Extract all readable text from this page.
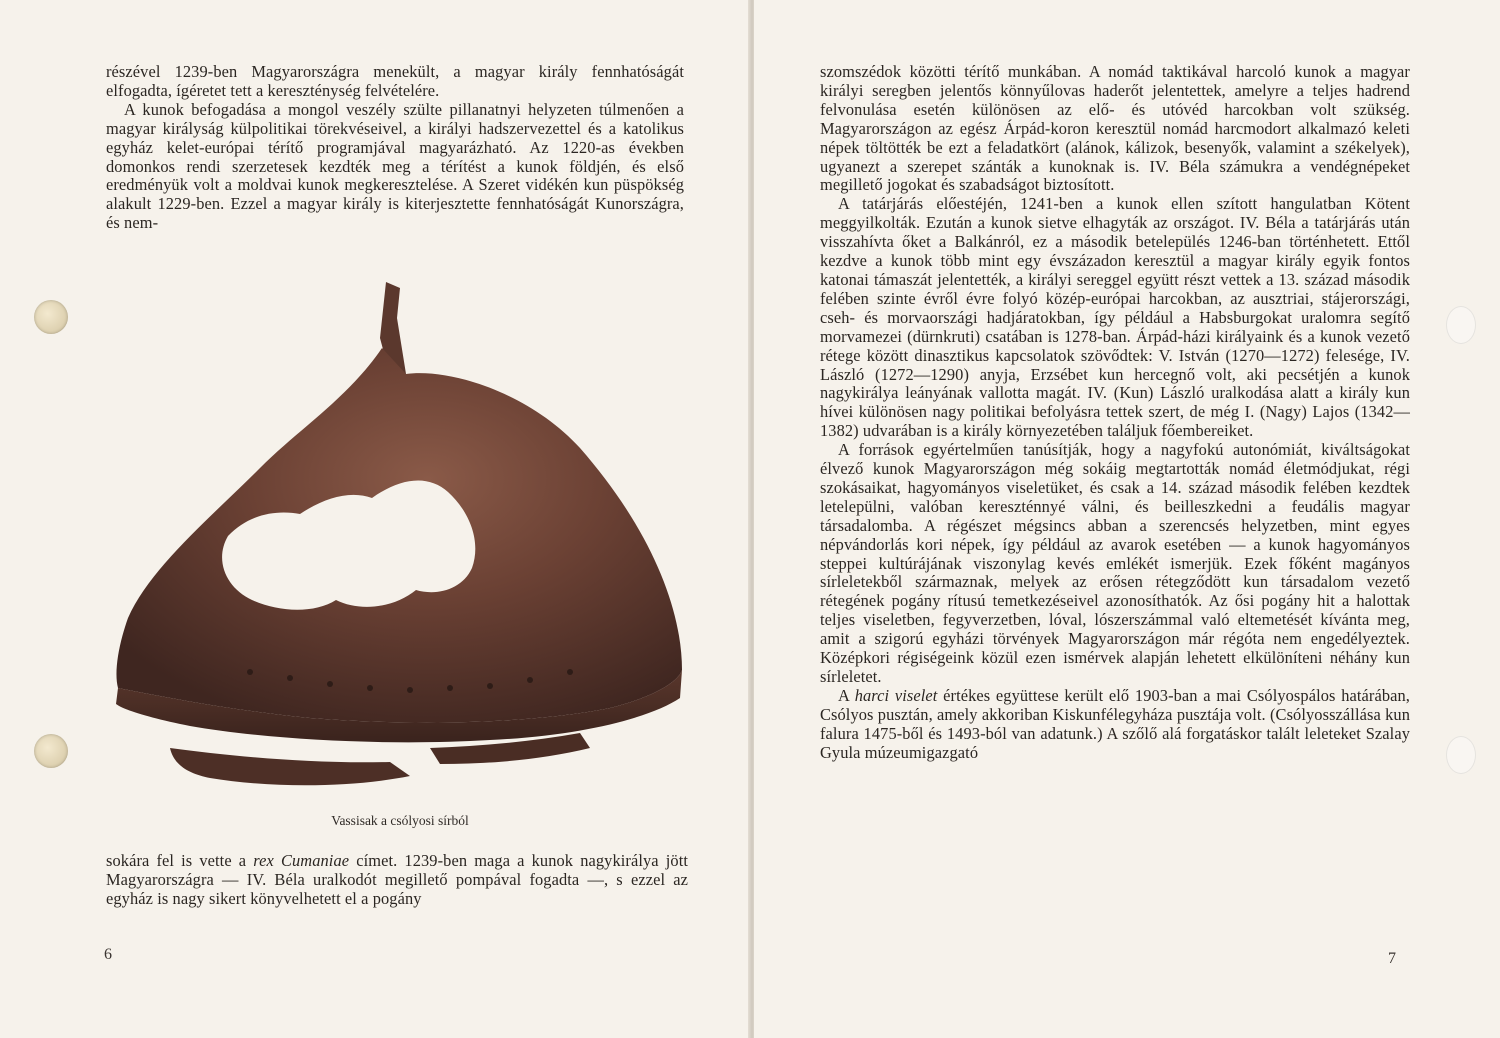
részével 1239-ben Magyarországra menekült, a magyar király fennhatóságát elfogadta, ígéretet tett a kereszténység felvételére.

A kunok befogadása a mongol veszély szülte pillanatnyi helyzeten túlmenően a magyar királyság külpolitikai törekvéseivel, a királyi hadszervezettel és a katolikus egyház kelet-európai térítő programjával magyarázható. Az 1220-as években domonkos rendi szerzetesek kezdték meg a térítést a kunok földjén, és első eredményük volt a moldvai kunok megkeresztelése. A Szeret vidékén kun püspökség alakult 1229-ben. Ezzel a magyar király is kiterjesztette fennhatóságát Kunországra, és nem-

Vassisak a csólyosi sírból

sokára fel is vette a rex Cumaniae címet. 1239-ben maga a kunok nagykirálya jött Magyarországra — IV. Béla uralkodót megillető pompával fogadta —, s ezzel az egyház is nagy sikert könyvelhetett el a pogány

6

szomszédok közötti térítő munkában. A nomád taktikával harcoló kunok a magyar királyi seregben jelentős könnyűlovas haderőt jelentettek, amelyre a teljes hadrend felvonulása esetén különösen az elő- és utóvéd harcokban volt szükség. Magyarországon az egész Árpád-koron keresztül nomád harcmodort alkalmazó keleti népek töltötték be ezt a feladatkört (alánok, kálizok, besenyők, valamint a székelyek), ugyanezt a szerepet szánták a kunoknak is. IV. Béla számukra a vendégnépeket megillető jogokat és szabadságot biztosított.

A tatárjárás előestéjén, 1241-ben a kunok ellen szított hangulatban Kötent meggyilkolták. Ezután a kunok sietve elhagyták az országot. IV. Béla a tatárjárás után visszahívta őket a Balkánról, ez a második betelepülés 1246-ban történhetett. Ettől kezdve a kunok több mint egy évszázadon keresztül a magyar király egyik fontos katonai támaszát jelentették, a királyi sereggel együtt részt vettek a 13. század második felében szinte évről évre folyó közép-európai harcokban, az ausztriai, stájerországi, cseh- és morvaországi hadjáratokban, így például a Habsburgokat uralomra segítő morvamezei (dürnkruti) csatában is 1278-ban. Árpád-házi királyaink és a kunok vezető rétege között dinasztikus kapcsolatok szövődtek: V. István (1270—1272) felesége, IV. László (1272—1290) anyja, Erzsébet kun hercegnő volt, aki pecsétjén a kunok nagykirálya leányának vallotta magát. IV. (Kun) László uralkodása alatt a király kun hívei különösen nagy politikai befolyásra tettek szert, de még I. (Nagy) Lajos (1342—1382) udvarában is a király környezetében találjuk főembereiket.

A források egyértelműen tanúsítják, hogy a nagyfokú autonómiát, kiváltságokat élvező kunok Magyarországon még sokáig megtartották nomád életmódjukat, régi szokásaikat, hagyományos viseletüket, és csak a 14. század második felében kezdtek letelepülni, valóban kereszténnyé válni, és beilleszkedni a feudális magyar társadalomba. A régészet mégsincs abban a szerencsés helyzetben, mint egyes népvándorlás kori népek, így például az avarok esetében — a kunok hagyományos steppei kultúrájának viszonylag kevés emlékét ismerjük. Ezek főként magányos sírleletekből származnak, melyek az erősen rétegződött kun társadalom vezető rétegének pogány rítusú temetkezéseivel azonosíthatók. Az ősi pogány hit a halottak teljes viseletben, fegyverzetben, lóval, lószerszámmal való eltemetését kívánta meg, amit a szigorú egyházi törvények Magyarországon már régóta nem engedélyeztek. Középkori régiségeink közül ezen ismérvek alapján lehetett elkülöníteni néhány kun sírleletet.

A harci viselet értékes együttese került elő 1903-ban a mai Csólyospálos határában, Csólyos pusztán, amely akkoriban Kiskunfélegyháza pusztája volt. (Csólyosszállása kun falura 1475-ből és 1493-ból van adatunk.) A szőlő alá forgatáskor talált leleteket Szalay Gyula múzeumigazgató

7
